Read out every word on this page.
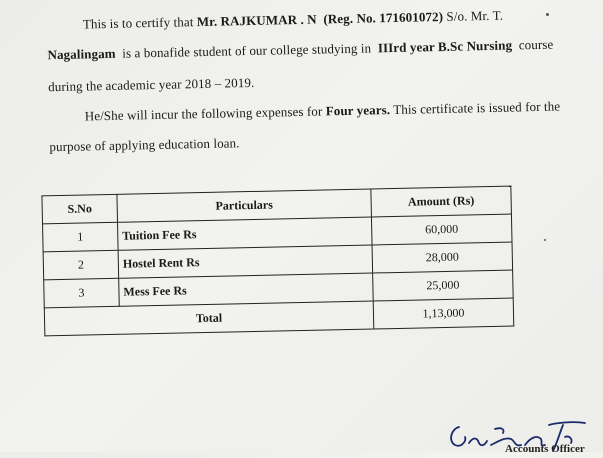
This is to certify that Mr. RAJKUMAR . N (Reg. No. 171601072) S/o. Mr. T.
Nagalingam is a bonafide student of our college studying in IIIrd year B.Sc Nursing course
during the academic year 2018 – 2019.
He/She will incur the following expenses for Four years. This certificate is issued for the
purpose of applying education loan.
S.No	Particulars	Amount (Rs)
1	Tuition Fee Rs	60,000
2	Hostel Rent Rs	28,000
3	Mess Fee Rs	25,000
Total		1,13,000
Accounts Officer
